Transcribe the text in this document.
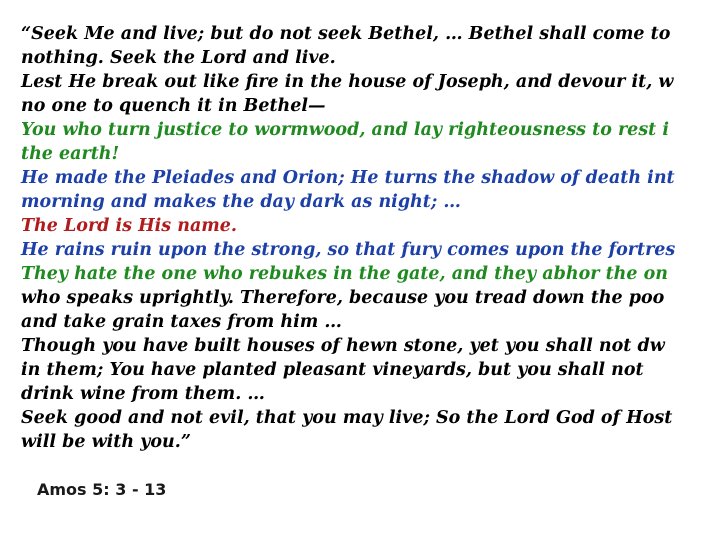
“Seek Me and live; but do not seek Bethel, … Bethel shall come to
nothing. Seek the Lord and live.
Lest He break out like fire in the house of Joseph, and devour it, w
no one to quench it in Bethel—
You who turn justice to wormwood, and lay righteousness to rest i
the earth!
He made the Pleiades and Orion; He turns the shadow of death int
morning and makes the day dark as night; …
The Lord is His name.
He rains ruin upon the strong, so that fury comes upon the fortres
They hate the one who rebukes in the gate, and they abhor the on
who speaks uprightly. Therefore, because you tread down the poo
and take grain taxes from him …
Though you have built houses of hewn stone, yet you shall not dw
in them; You have planted pleasant vineyards, but you shall not
drink wine from them. …
Seek good and not evil, that you may live; So the Lord God of Host
will be with you.”
Amos 5: 3 - 13
